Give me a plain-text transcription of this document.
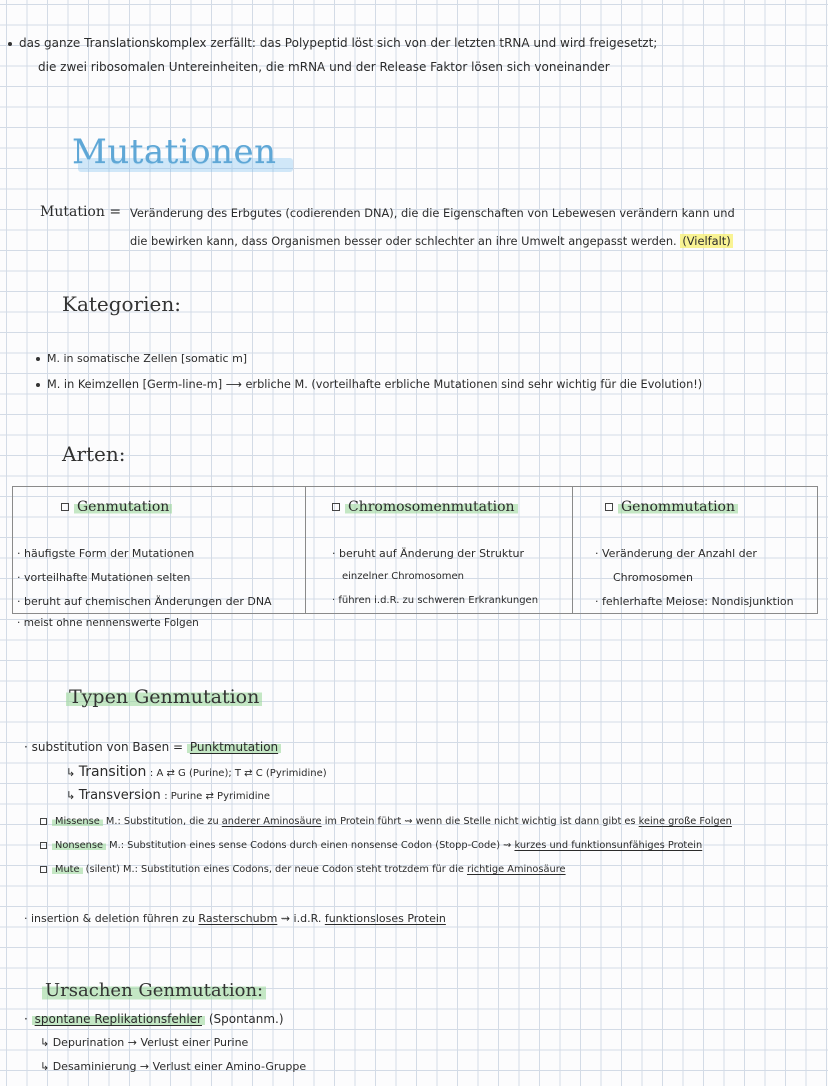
das ganze Translationskomplex zerfällt: das Polypeptid löst sich von der letzten tRNA und wird freigesetzt;
die zwei ribosomalen Untereinheiten, die mRNA und der Release Faktor lösen sich voneinander
Mutationen
Mutation = Veränderung des Erbgutes (codierenden DNA), die die Eigenschaften von Lebewesen verändern kann und
die bewirken kann, dass Organismen besser oder schlechter an ihre Umwelt angepasst werden. (Vielfalt)
Kategorien:
M. in somatische Zellen [somatic m]
M. in Keimzellen [Germ-line-m] ⟶ erbliche M. (vorteilhafte erbliche Mutationen sind sehr wichtig für die Evolution!)
Arten:
Genmutation
· häufigste Form der Mutationen
· vorteilhafte Mutationen selten
· beruht auf chemischen Änderungen der DNA
· meist ohne nennenswerte Folgen

Chromosomenmutation
· beruht auf Änderung der Struktur
einzelner Chromosomen
· führen i.d.R. zu schweren Erkrankungen

Genommutation
· Veränderung der Anzahl der
Chromosomen
· fehlerhafte Meiose: Nondisjunktion
Typen Genmutation
· substitution von Basen = Punktmutation
↳ Transition : A ⇄ G (Purine); T ⇄ C (Pyrimidine)
↳ Transversion : Purine ⇄ Pyrimidine
Missense M.: Substitution, die zu anderer Aminosäure im Protein führt ⇝ wenn die Stelle nicht wichtig ist dann gibt es keine große Folgen
Nonsense M.: Substitution eines sense Codons durch einen nonsense Codon (Stopp-Code) ⇝ kurzes und funktionsunfähiges Protein
Mute (silent) M.: Substitution eines Codons, der neue Codon steht trotzdem für die richtige Aminosäure
· insertion & deletion führen zu Rasterschubm ⇝ i.d.R. funktionsloses Protein
Ursachen Genmutation:
· spontane Replikationsfehler (Spontanm.)
↳ Depurination → Verlust einer Purine
↳ Desaminierung → Verlust einer Amino-Gruppe
